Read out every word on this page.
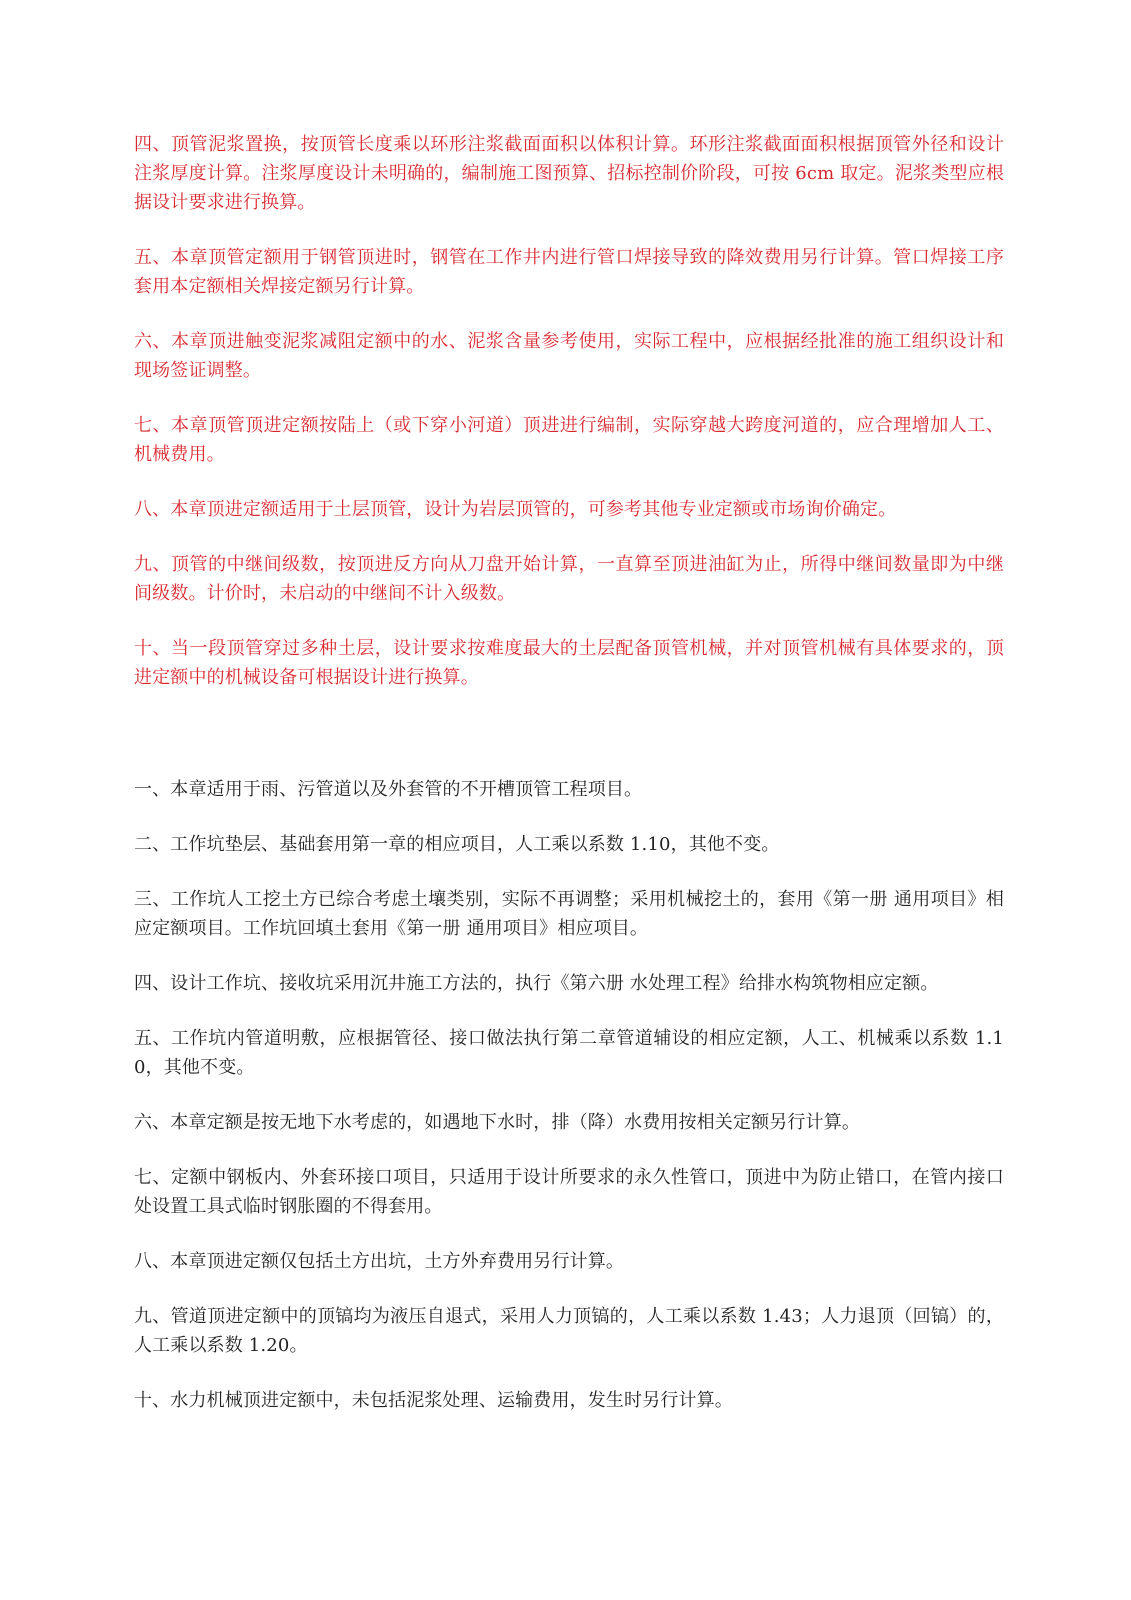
四、顶管泥浆置换，按顶管长度乘以环形注浆截面面积以体积计算。环形注浆截面面积根据顶管外径和设计注浆厚度计算。注浆厚度设计未明确的，编制施工图预算、招标控制价阶段，可按 6cm 取定。泥浆类型应根据设计要求进行换算。

五、本章顶管定额用于钢管顶进时，钢管在工作井内进行管口焊接导致的降效费用另行计算。管口焊接工序套用本定额相关焊接定额另行计算。

六、本章顶进触变泥浆减阻定额中的水、泥浆含量参考使用，实际工程中，应根据经批准的施工组织设计和现场签证调整。

七、本章顶管顶进定额按陆上（或下穿小河道）顶进进行编制，实际穿越大跨度河道的，应合理增加人工、机械费用。

八、本章顶进定额适用于土层顶管，设计为岩层顶管的，可参考其他专业定额或市场询价确定。

九、顶管的中继间级数，按顶进反方向从刀盘开始计算，一直算至顶进油缸为止，所得中继间数量即为中继间级数。计价时，未启动的中继间不计入级数。

十、当一段顶管穿过多种土层，设计要求按难度最大的土层配备顶管机械，并对顶管机械有具体要求的，顶进定额中的机械设备可根据设计进行换算。

一、本章适用于雨、污管道以及外套管的不开槽顶管工程项目。

二、工作坑垫层、基础套用第一章的相应项目，人工乘以系数 1.10，其他不变。

三、工作坑人工挖土方已综合考虑土壤类别，实际不再调整；采用机械挖土的，套用《第一册 通用项目》相应定额项目。工作坑回填土套用《第一册 通用项目》相应项目。

四、设计工作坑、接收坑采用沉井施工方法的，执行《第六册 水处理工程》给排水构筑物相应定额。

五、工作坑内管道明敷，应根据管径、接口做法执行第二章管道辅设的相应定额，人工、机械乘以系数 1.10，其他不变。

六、本章定额是按无地下水考虑的，如遇地下水时，排（降）水费用按相关定额另行计算。

七、定额中钢板内、外套环接口项目，只适用于设计所要求的永久性管口，顶进中为防止错口，在管内接口处设置工具式临时钢胀圈的不得套用。

八、本章顶进定额仅包括土方出坑，土方外弃费用另行计算。

九、管道顶进定额中的顶镐均为液压自退式，采用人力顶镐的，人工乘以系数 1.43；人力退顶（回镐）的，人工乘以系数 1.20。

十、水力机械顶进定额中，未包括泥浆处理、运输费用，发生时另行计算。
